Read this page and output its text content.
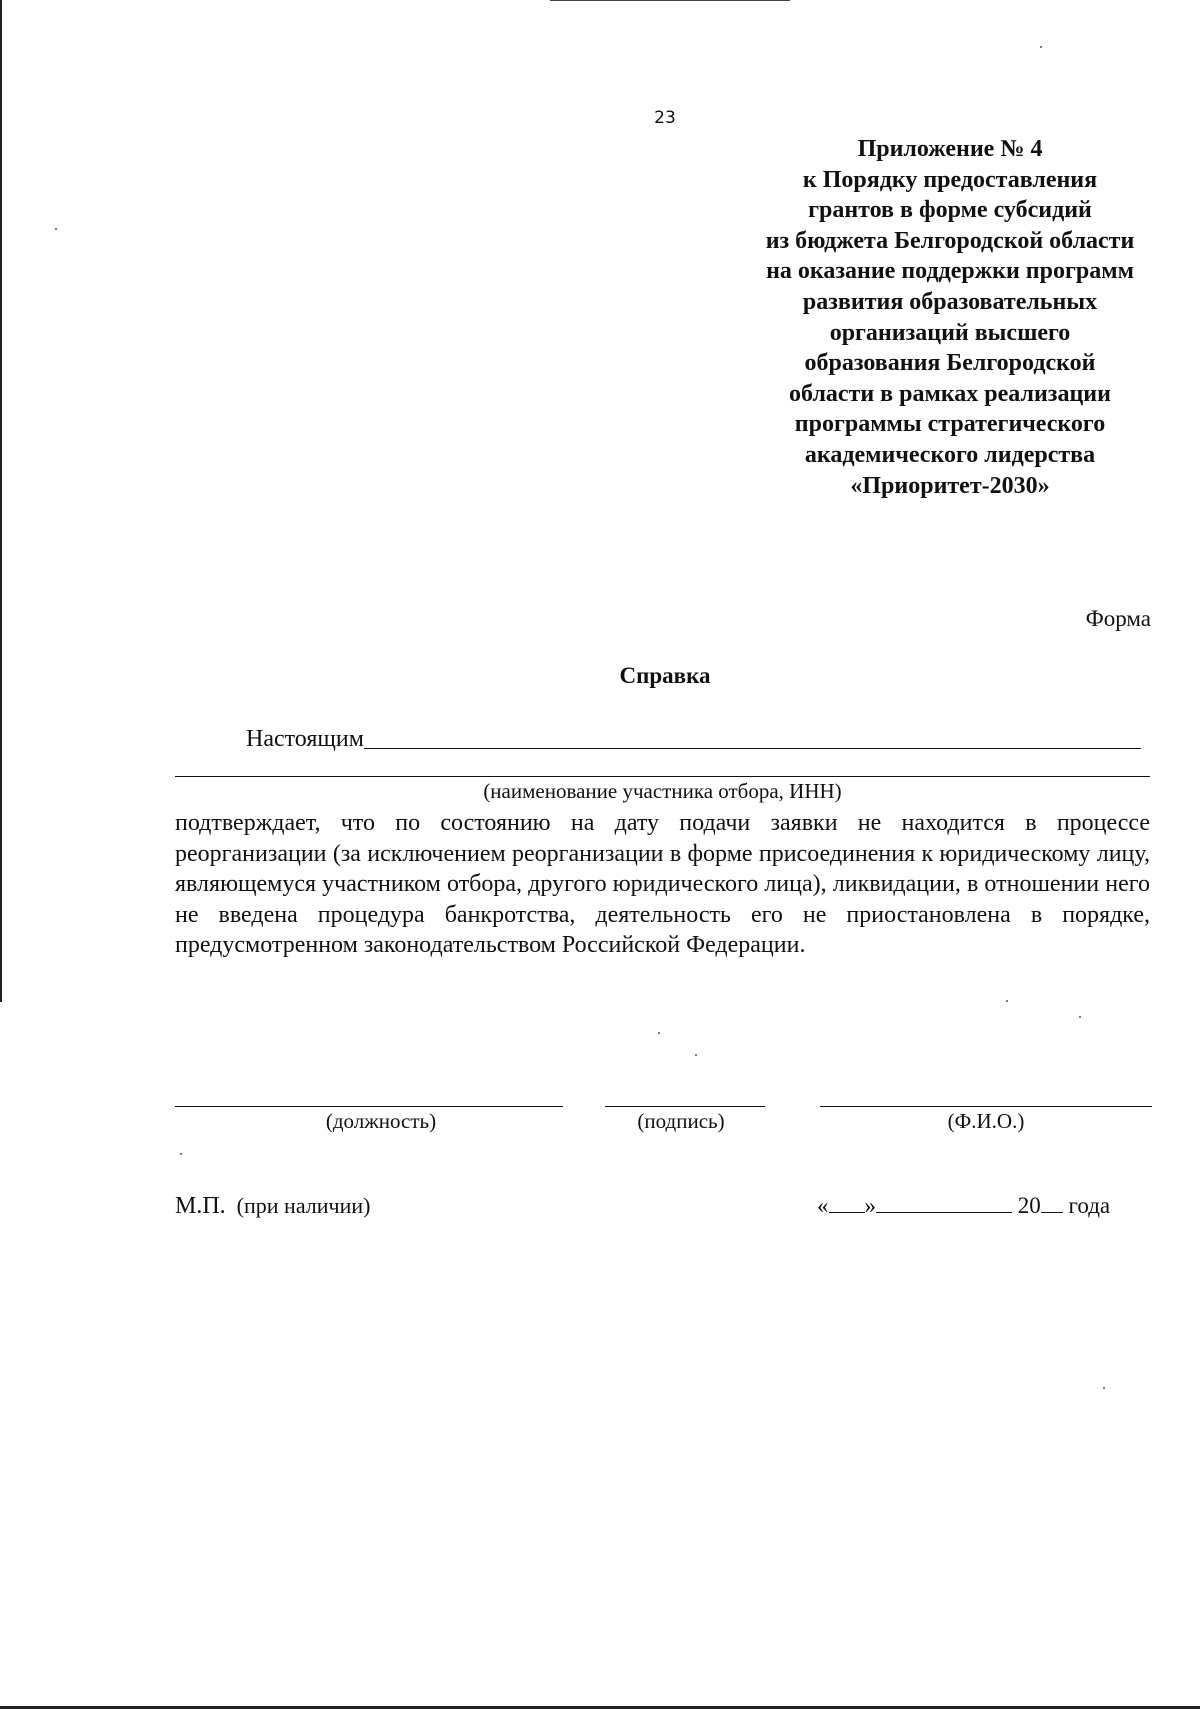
23
Приложение № 4
к Порядку предоставления
грантов в форме субсидий
из бюджета Белгородской области
на оказание поддержки программ
развития образовательных
организаций высшего
образования Белгородской
области в рамках реализации
программы стратегического
академического лидерства
«Приоритет-2030»
Форма
Справка
Настоящим
(наименование участника отбора, ИНН)

подтверждает, что по состоянию на дату подачи заявки не находится в процессе реорганизации (за исключением реорганизации в форме присоединения к юридическому лицу, являющемуся участником отбора, другого юридического лица), ликвидации, в отношении него не введена процедура банкротства, деятельность его не приостановлена в порядке, предусмотренном законодательством Российской Федерации.

(должность)	(подпись)	(Ф.И.О.)
М.П. (при наличии)	« »	20 года
